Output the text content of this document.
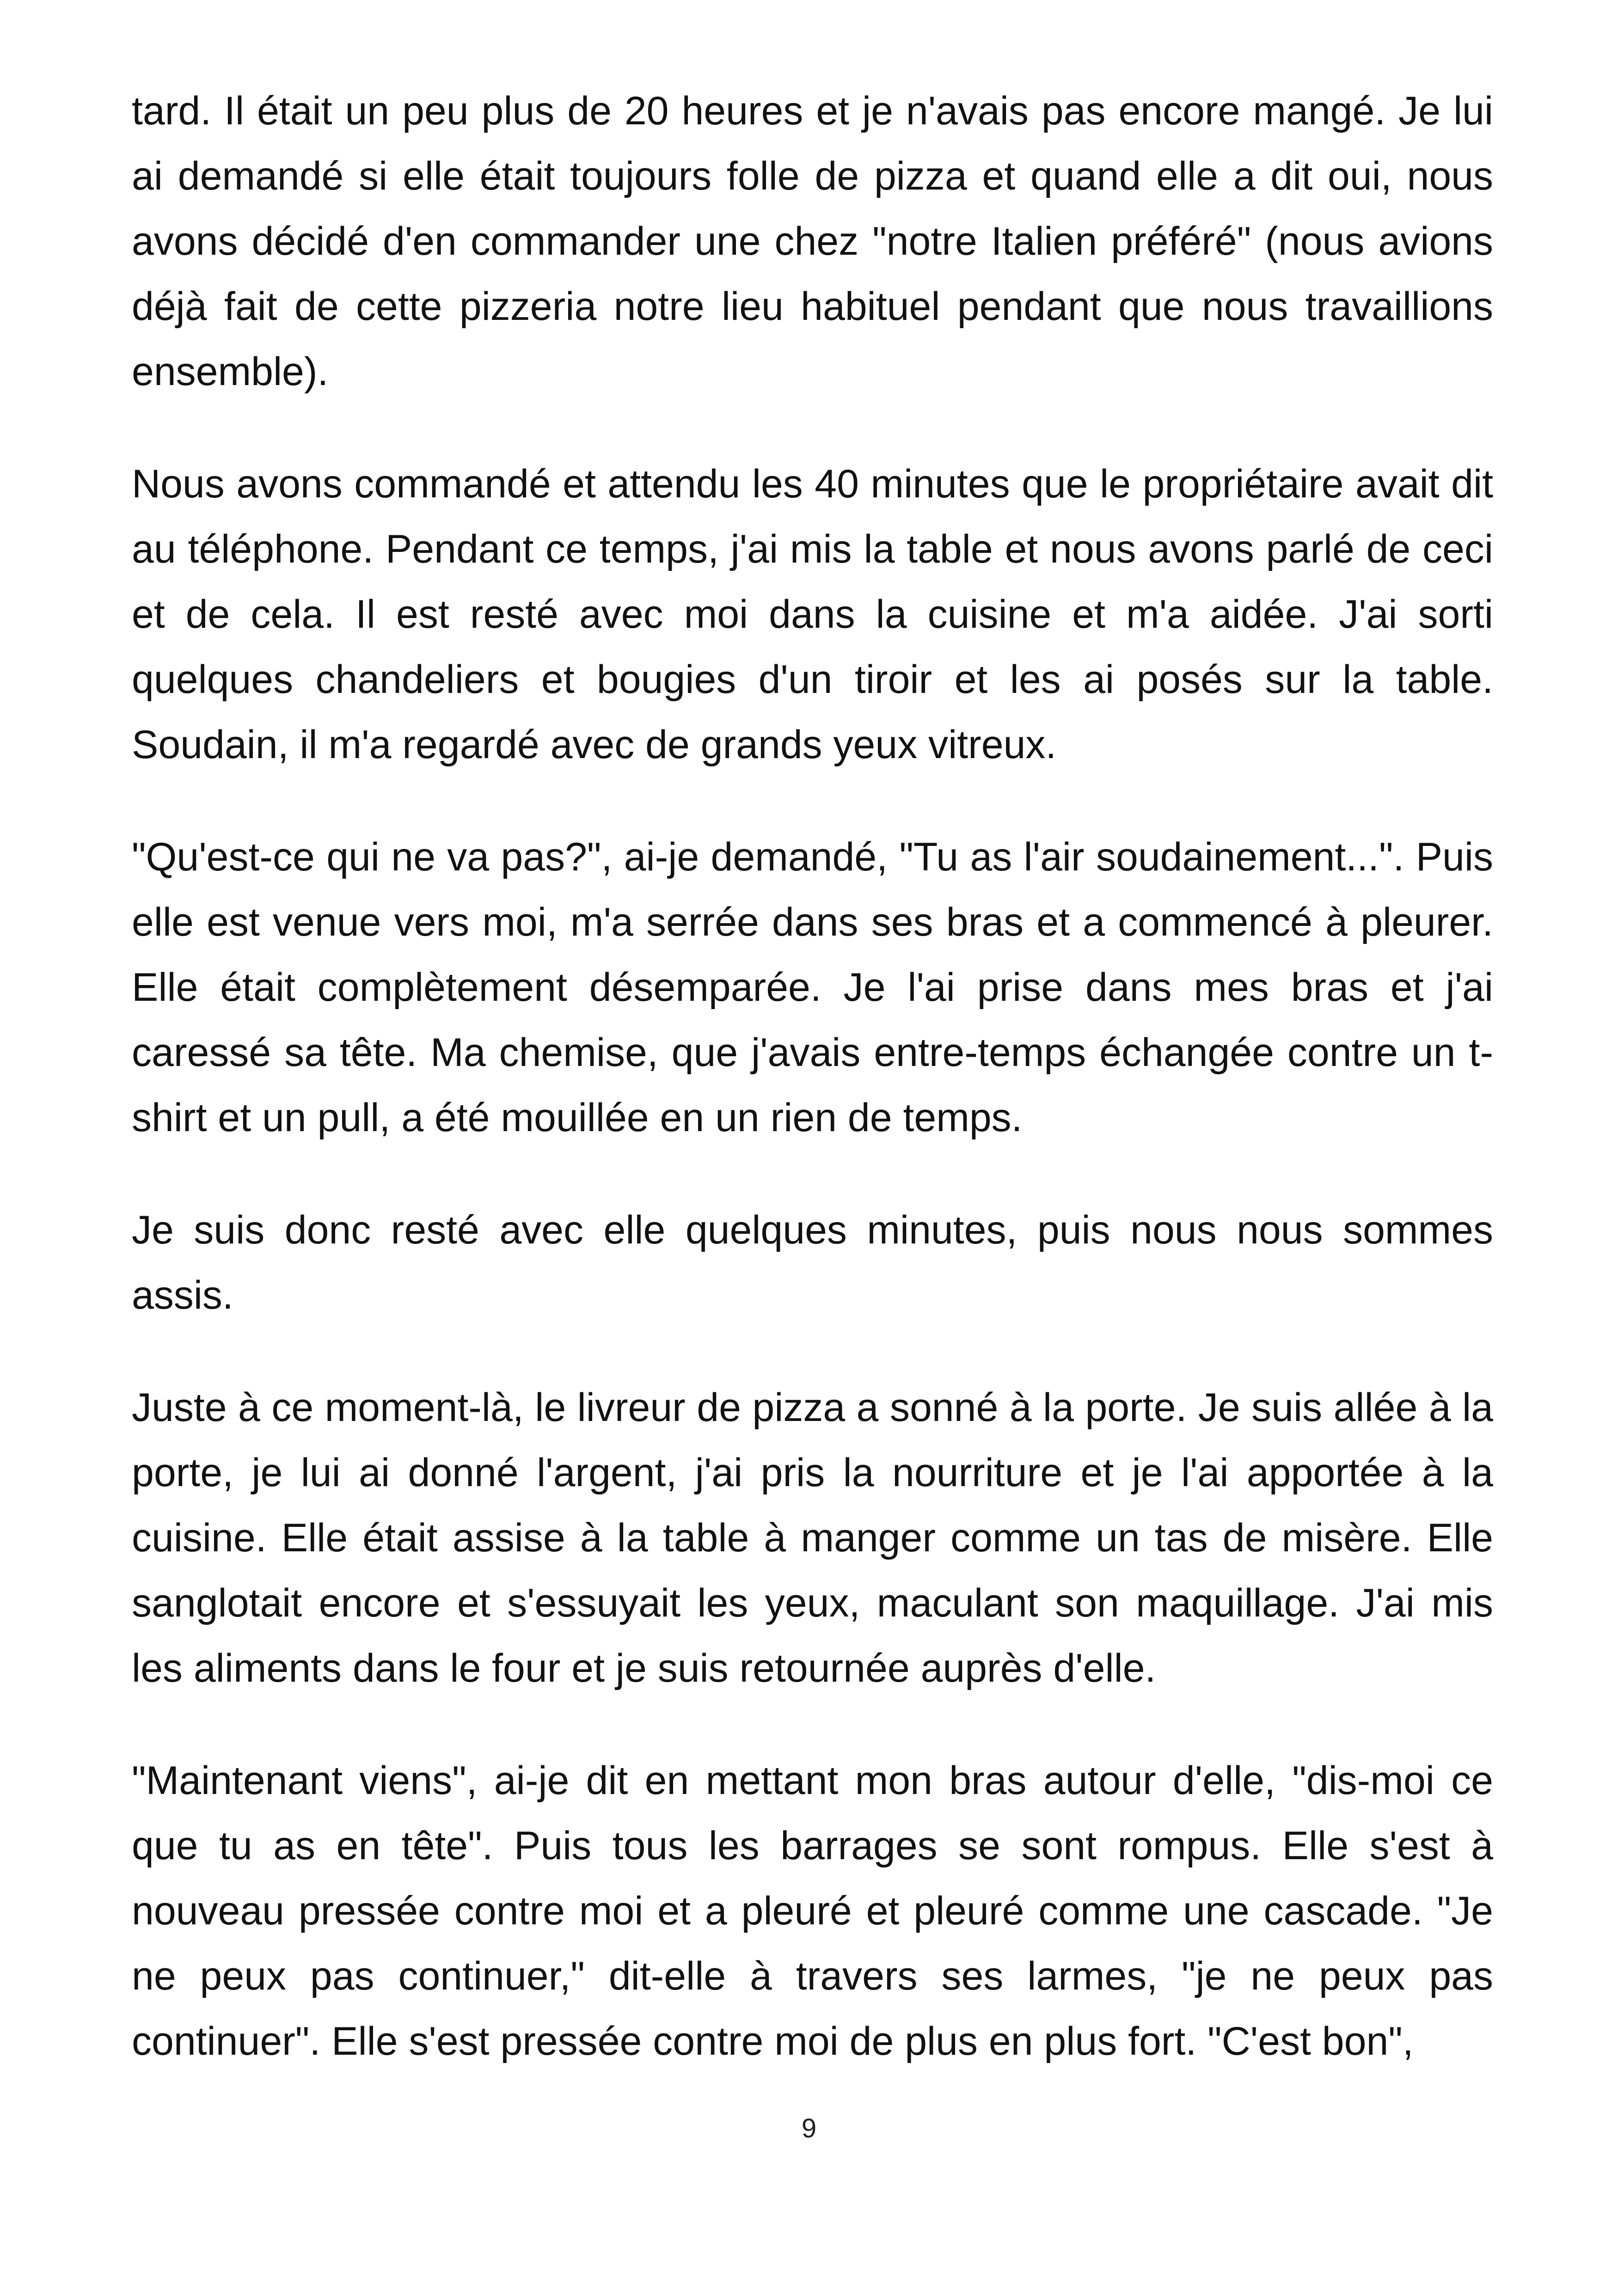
tard. Il était un peu plus de 20 heures et je n'avais pas encore mangé. Je lui ai demandé si elle était toujours folle de pizza et quand elle a dit oui, nous avons décidé d'en commander une chez "notre Italien préféré" (nous avions déjà fait de cette pizzeria notre lieu habituel pendant que nous travaillions ensemble).

Nous avons commandé et attendu les 40 minutes que le propriétaire avait dit au téléphone. Pendant ce temps, j'ai mis la table et nous avons parlé de ceci et de cela. Il est resté avec moi dans la cuisine et m'a aidée. J'ai sorti quelques chandeliers et bougies d'un tiroir et les ai posés sur la table. Soudain, il m'a regardé avec de grands yeux vitreux.

"Qu'est-ce qui ne va pas?", ai-je demandé, "Tu as l'air soudainement...". Puis elle est venue vers moi, m'a serrée dans ses bras et a commencé à pleurer. Elle était complètement désemparée. Je l'ai prise dans mes bras et j'ai caressé sa tête. Ma chemise, que j'avais entre-temps échangée contre un t-shirt et un pull, a été mouillée en un rien de temps.

Je suis donc resté avec elle quelques minutes, puis nous nous sommes assis.

Juste à ce moment-là, le livreur de pizza a sonné à la porte. Je suis allée à la porte, je lui ai donné l'argent, j'ai pris la nourriture et je l'ai apportée à la cuisine. Elle était assise à la table à manger comme un tas de misère. Elle sanglotait encore et s'essuyait les yeux, maculant son maquillage. J'ai mis les aliments dans le four et je suis retournée auprès d'elle.

"Maintenant viens", ai-je dit en mettant mon bras autour d'elle, "dis-moi ce que tu as en tête". Puis tous les barrages se sont rompus. Elle s'est à nouveau pressée contre moi et a pleuré et pleuré comme une cascade. "Je ne peux pas continuer," dit-elle à travers ses larmes, "je ne peux pas continuer". Elle s'est pressée contre moi de plus en plus fort. "C'est bon",

9
